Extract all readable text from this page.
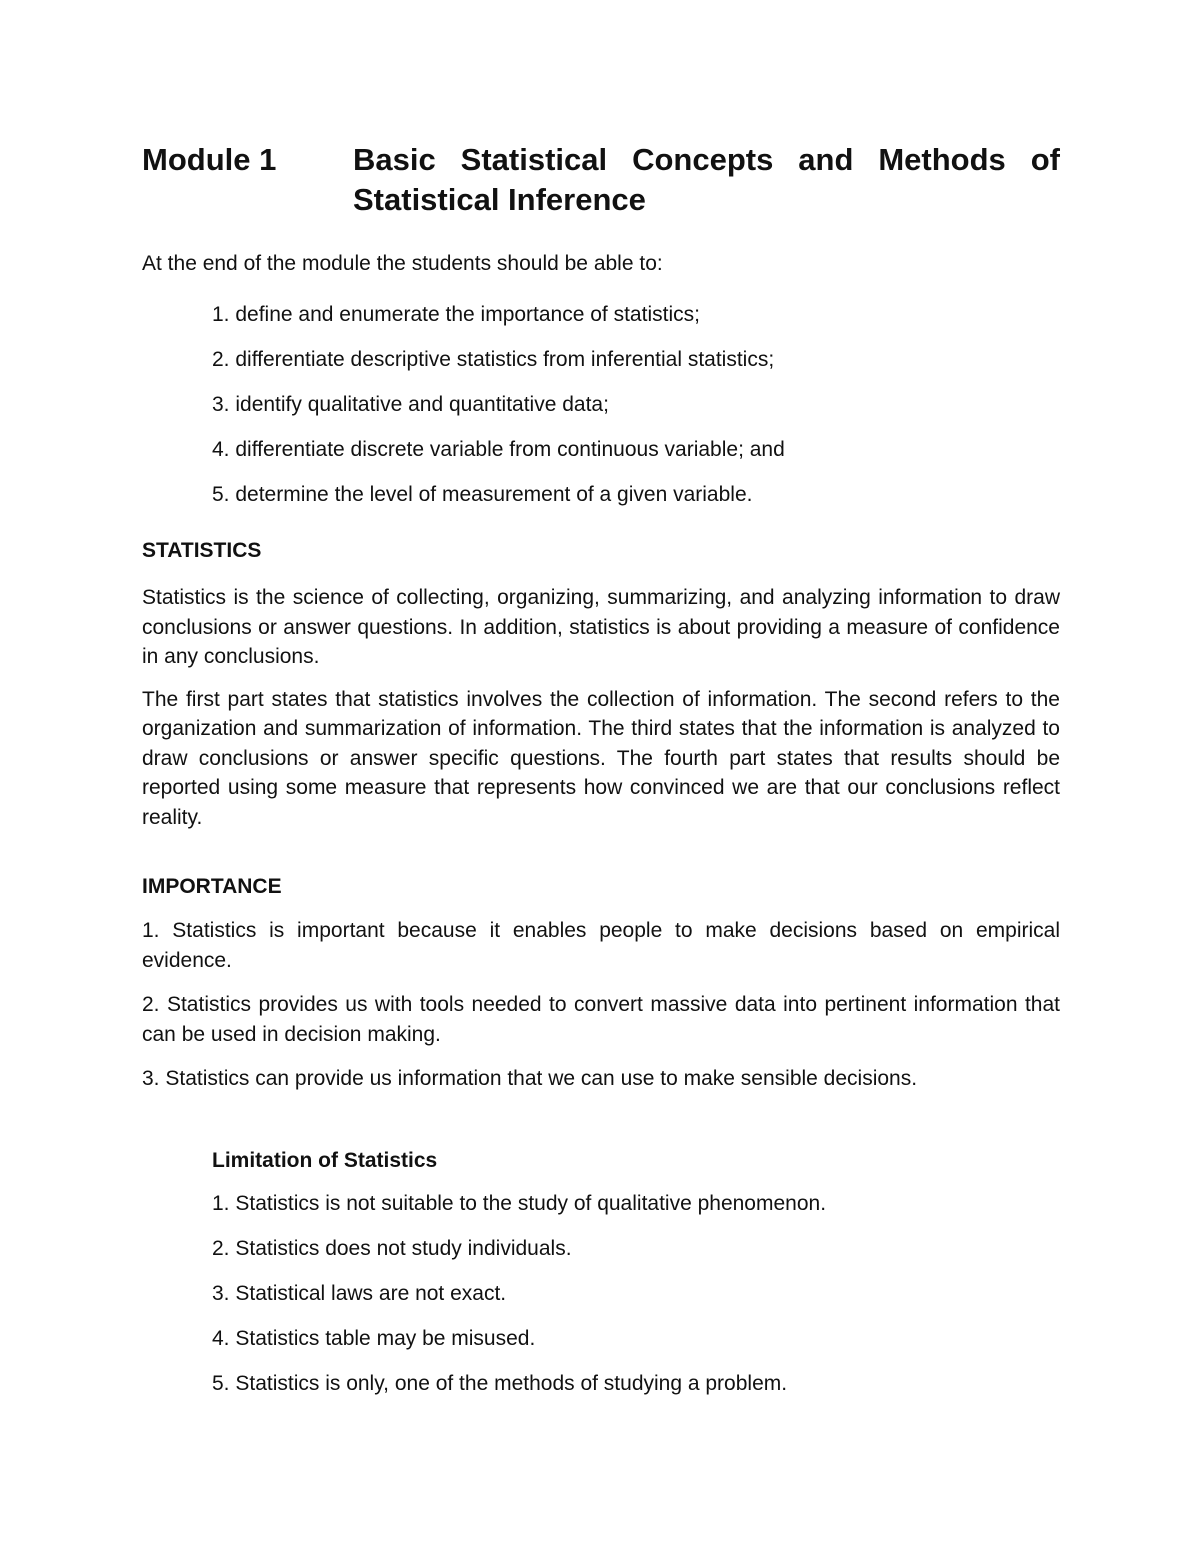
Module 1	Basic Statistical Concepts and Methods of Statistical Inference

At the end of the module the students should be able to:

1. define and enumerate the importance of statistics;
2. differentiate descriptive statistics from inferential statistics;
3. identify qualitative and quantitative data;
4. differentiate discrete variable from continuous variable; and
5. determine the level of measurement of a given variable.
STATISTICS

Statistics is the science of collecting, organizing, summarizing, and analyzing information to draw conclusions or answer questions. In addition, statistics is about providing a measure of confidence in any conclusions.

The first part states that statistics involves the collection of information. The second refers to the organization and summarization of information. The third states that the information is analyzed to draw conclusions or answer specific questions. The fourth part states that results should be reported using some measure that represents how convinced we are that our conclusions reflect reality.

IMPORTANCE
1. Statistics is important because it enables people to make decisions based on empirical evidence.
2. Statistics provides us with tools needed to convert massive data into pertinent information that can be used in decision making.
3. Statistics can provide us information that we can use to make sensible decisions.
Limitation of Statistics
1. Statistics is not suitable to the study of qualitative phenomenon.
2. Statistics does not study individuals.
3. Statistical laws are not exact.
4. Statistics table may be misused.
5. Statistics is only, one of the methods of studying a problem.
